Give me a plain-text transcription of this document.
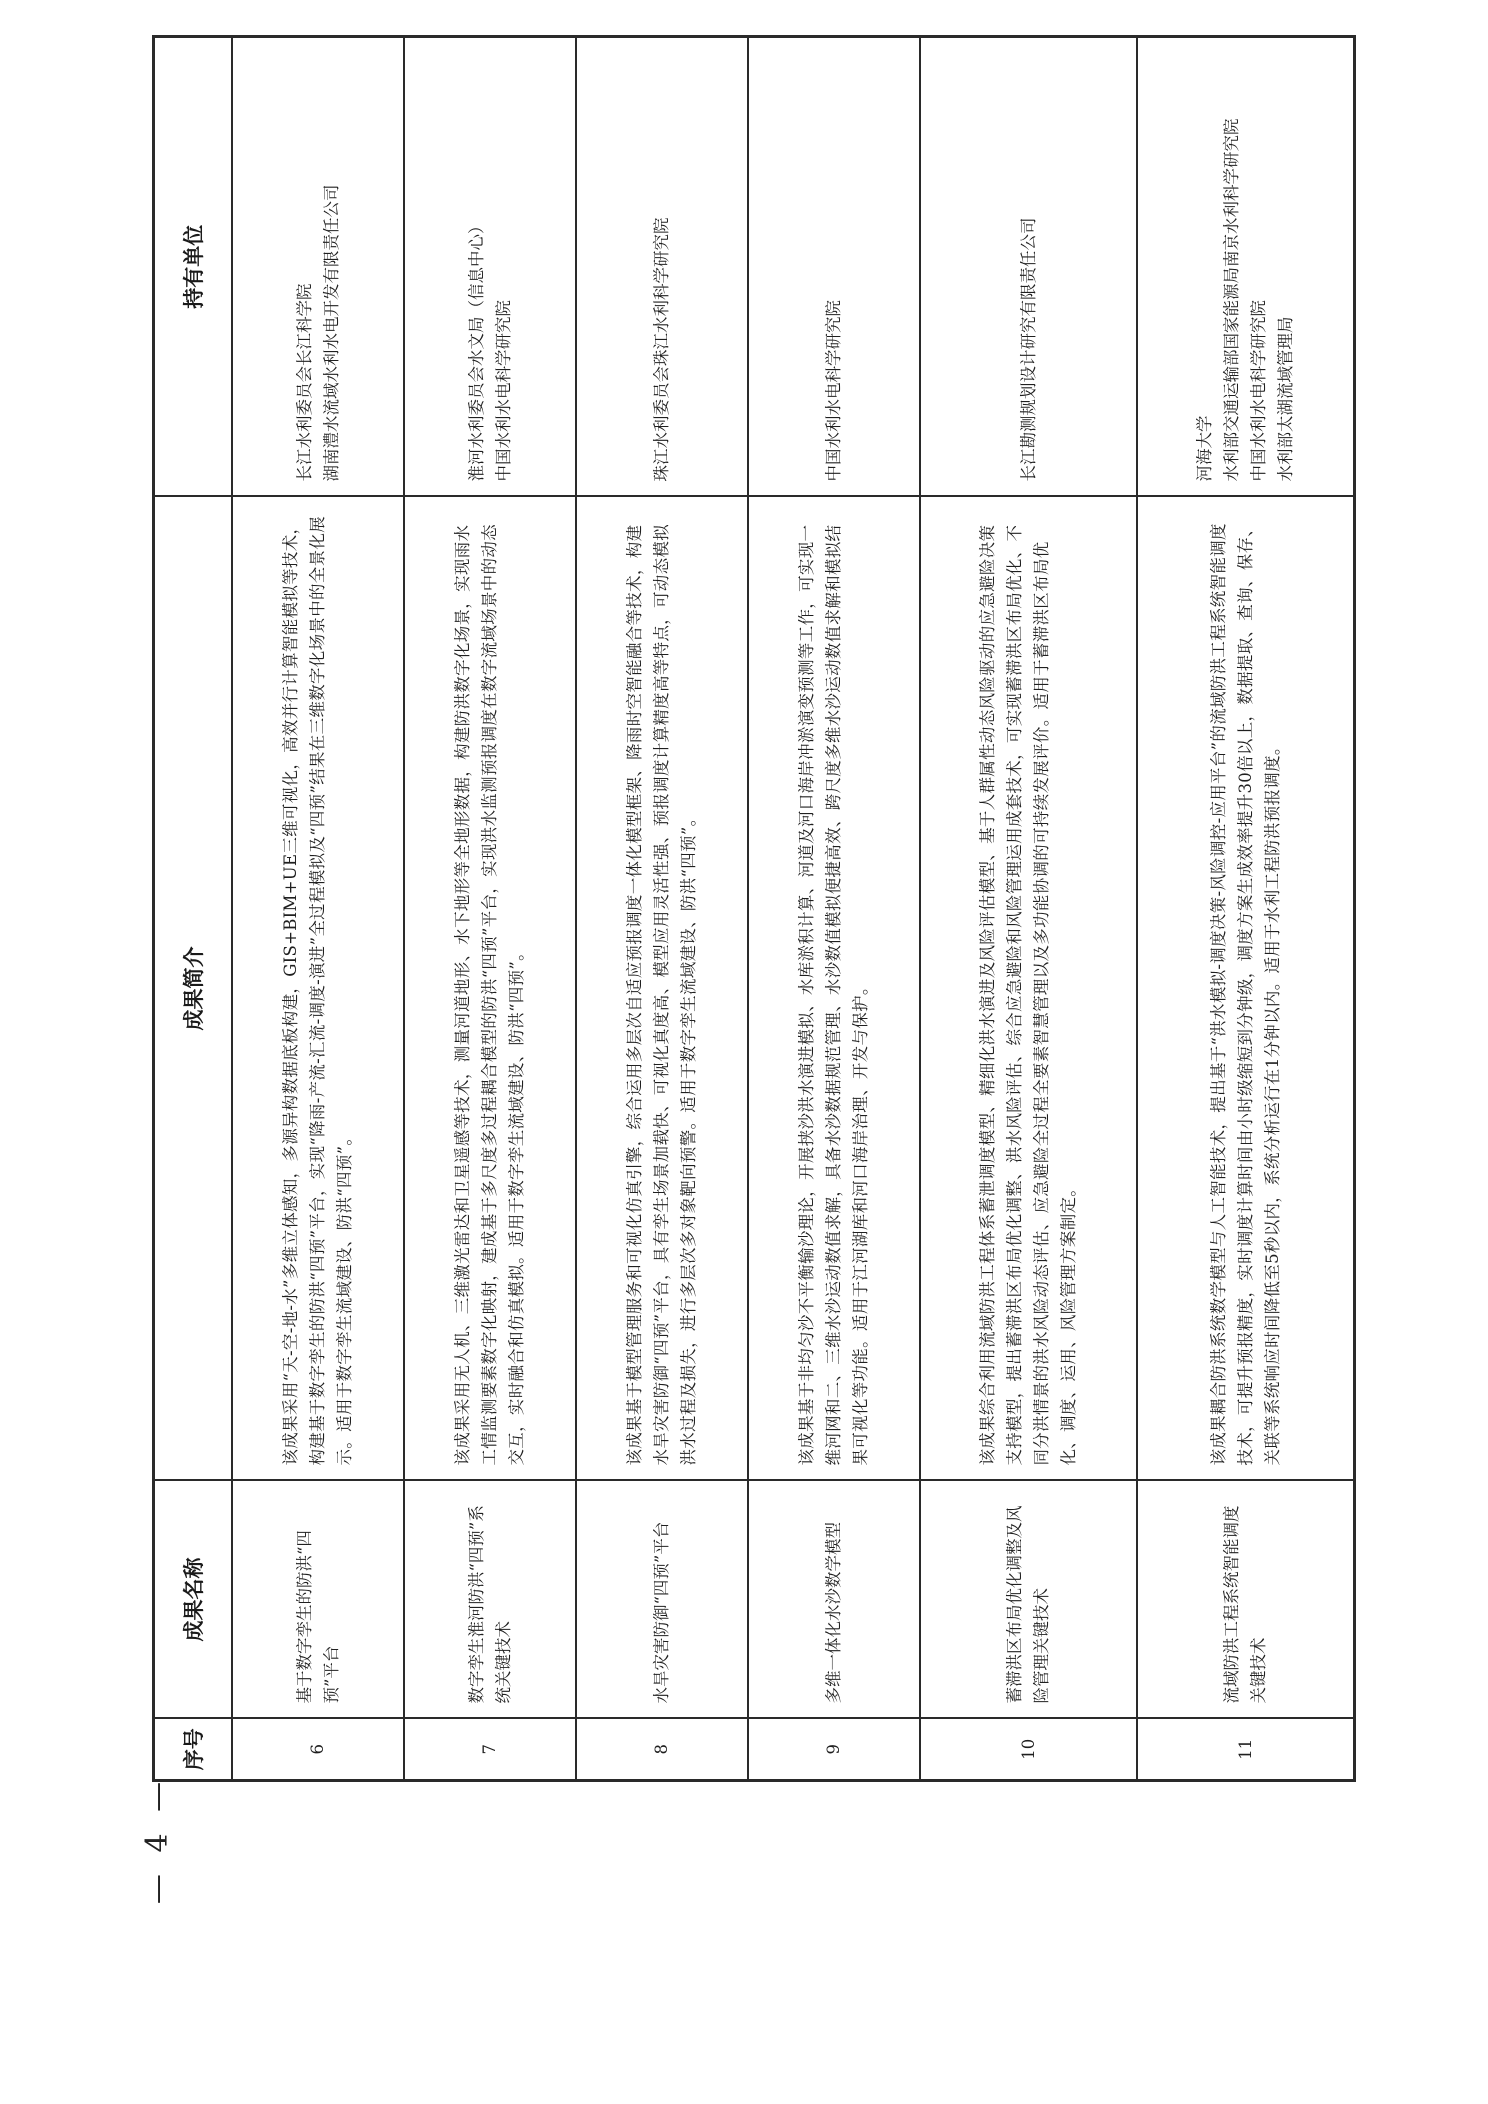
— 4 —
序号	成果名称	成果简介	持有单位
6	基于数字孪生的防洪“四预”平台	该成果采用“天-空-地-水”多维立体感知，多源异构数据底板构建，GIS+BIM+UE三维可视化，高效并行计算智能模拟等技术，构建基于数字孪生的防洪“四预”平台，实现“降雨-产流-汇流-调度-演进”全过程模拟及“四预”结果在三维数字化场景中的全景化展示。适用于数字孪生流域建设、防洪“四预”。	长江水利委员会长江科学院 湖南澧水流域水利水电开发有限责任公司

7	数字孪生淮河防洪“四预”系统关键技术	该成果采用无人机、三维激光雷达和卫星遥感等技术，测量河道地形、水下地形等全地形数据，构建防洪数字化场景，实现雨水工情监测要素数字化映射，建成基于多尺度多过程耦合模型的防洪“四预”平台，实现洪水监测预报调度在数字流域场景中的动态交互，实时融合和仿真模拟。适用于数字孪生流域建设、防洪“四预”。	淮河水利委员会水文局（信息中心） 中国水利水电科学研究院

8	水旱灾害防御“四预”平台	该成果基于模型管理服务和可视化仿真引擎，综合运用多层次自适应预报调度一体化模型框架、降雨时空智能融合等技术，构建水旱灾害防御“四预”平台，具有孪生场景加载快、可视化真度高、模型应用灵活性强、预报调度计算精度高等特点，可动态模拟洪水过程及损失，进行多层次多对象靶向预警。适用于数字孪生流域建设、防洪“四预”。	珠江水利委员会珠江水利科学研究院

9	多维一体化水沙数学模型	该成果基于非均匀沙不平衡输沙理论，开展挟沙洪水演进模拟、水库淤积计算、河道及河口海岸冲淤演变预测等工作，可实现一维河网和二、三维水沙运动数值求解，具备水沙数据规范管理、水沙数值模拟便捷高效、跨尺度多维水沙运动数值求解和模拟结果可视化等功能。适用于江河湖库和河口海岸治理、开发与保护。	中国水利水电科学研究院

10	蓄滞洪区布局优化调整及风险管理关键技术	该成果综合利用流域防洪工程体系蓄泄调度模型、精细化洪水演进及风险评估模型、基于人群属性动态风险驱动的应急避险决策支持模型，提出蓄滞洪区布局优化调整、洪水风险评估、综合应急避险和风险管理运用成套技术，可实现蓄滞洪区布局优化、不同分洪情景的洪水风险动态评估、应急避险全过程全要素智慧管理以及多功能协调的可持续发展评价。适用于蓄滞洪区布局优化、调度、运用、风险管理方案制定。	长江勘测规划设计研究有限责任公司

11	流域防洪工程系统智能调度关键技术	该成果耦合防洪系统数学模型与人工智能技术，提出基于“洪水模拟-调度决策-风险调控-应用平台”的流域防洪工程系统智能调度技术，可提升预报精度，实时调度计算时间由小时级缩短到分钟级，调度方案生成效率提升30倍以上，数据提取、查询、保存、关联等系统响应时间降低至5秒以内，系统分析运行在1分钟以内。适用于水利工程防洪预报调度。	河海大学 水利部交通运输部国家能源局南京水利科学研究院 中国水利水电科学研究院 水利部太湖流域管理局
